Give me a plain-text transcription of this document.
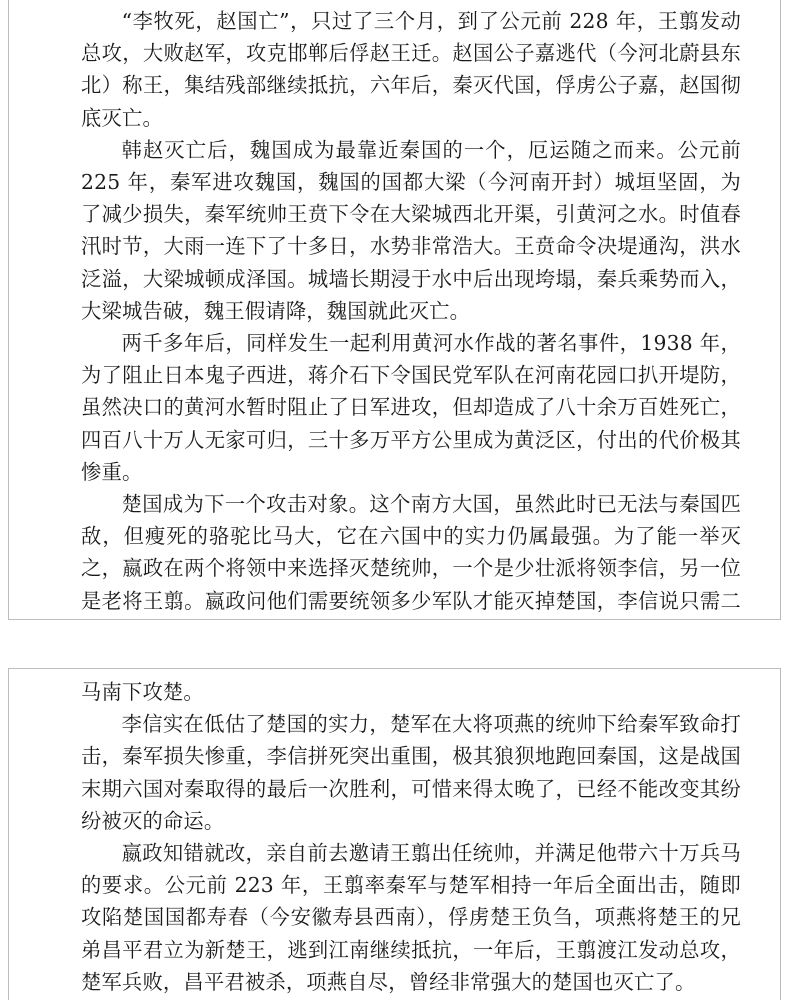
“李牧死，赵国亡”，只过了三个月，到了公元前 228 年，王翦发动总攻，大败赵军，攻克邯郸后俘赵王迁。赵国公子嘉逃代（今河北蔚县东北）称王，集结残部继续抵抗，六年后，秦灭代国，俘虏公子嘉，赵国彻底灭亡。

韩赵灭亡后，魏国成为最靠近秦国的一个，厄运随之而来。公元前 225 年，秦军进攻魏国，魏国的国都大梁（今河南开封）城垣坚固，为了减少损失，秦军统帅王贲下令在大梁城西北开渠，引黄河之水。时值春汛时节，大雨一连下了十多日，水势非常浩大。王贲命令决堤通沟，洪水泛溢，大梁城顿成泽国。城墙长期浸于水中后出现垮塌，秦兵乘势而入，大梁城告破，魏王假请降，魏国就此灭亡。

两千多年后，同样发生一起利用黄河水作战的著名事件，1938 年，为了阻止日本鬼子西进，蒋介石下令国民党军队在河南花园口扒开堤防，虽然决口的黄河水暂时阻止了日军进攻，但却造成了八十余万百姓死亡，四百八十万人无家可归，三十多万平方公里成为黄泛区，付出的代价极其惨重。

楚国成为下一个攻击对象。这个南方大国，虽然此时已无法与秦国匹敌，但瘦死的骆驼比马大，它在六国中的实力仍属最强。为了能一举灭之，嬴政在两个将领中来选择灭楚统帅，一个是少壮派将领李信，另一位是老将王翦。嬴政问他们需要统领多少军队才能灭掉楚国，李信说只需二

马南下攻楚。

李信实在低估了楚国的实力，楚军在大将项燕的统帅下给秦军致命打击，秦军损失惨重，李信拼死突出重围，极其狼狈地跑回秦国，这是战国末期六国对秦取得的最后一次胜利，可惜来得太晚了，已经不能改变其纷纷被灭的命运。

嬴政知错就改，亲自前去邀请王翦出任统帅，并满足他带六十万兵马的要求。公元前 223 年，王翦率秦军与楚军相持一年后全面出击，随即攻陷楚国国都寿春（今安徽寿县西南），俘虏楚王负刍，项燕将楚王的兄弟昌平君立为新楚王，逃到江南继续抵抗，一年后，王翦渡江发动总攻，楚军兵败，昌平君被杀，项燕自尽，曾经非常强大的楚国也灭亡了。
